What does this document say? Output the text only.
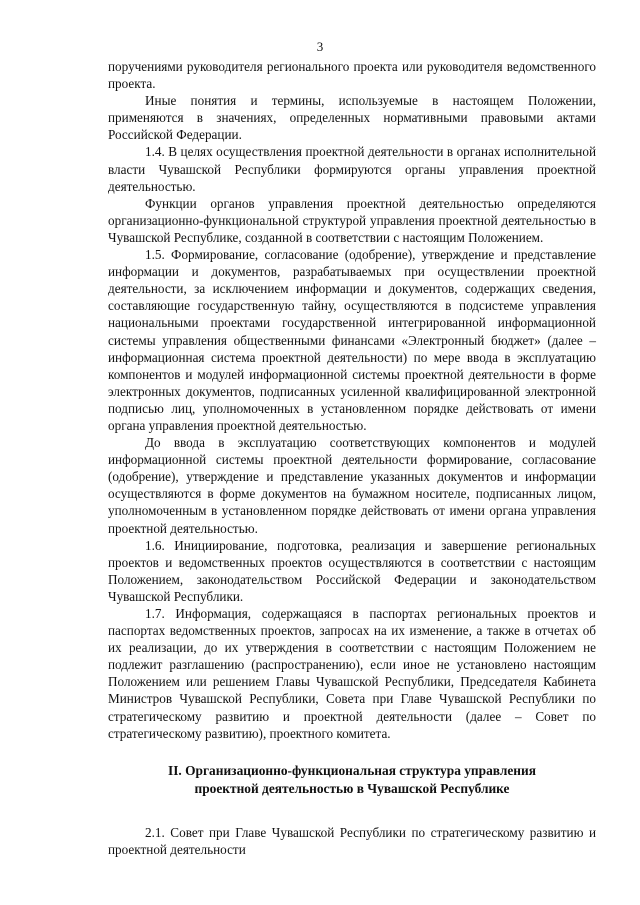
3

поручениями руководителя регионального проекта или руководителя ведомственного проекта.

Иные понятия и термины, используемые в настоящем Положении, применяются в значениях, определенных нормативными правовыми актами Российской Федерации.

1.4. В целях осуществления проектной деятельности в органах исполнительной власти Чувашской Республики формируются органы управления проектной деятельностью.

Функции органов управления проектной деятельностью определяются организационно-функциональной структурой управления проектной деятельностью в Чувашской Республике, созданной в соответствии с настоящим Положением.

1.5. Формирование, согласование (одобрение), утверждение и представление информации и документов, разрабатываемых при осуществлении проектной деятельности, за исключением информации и документов, содержащих сведения, составляющие государственную тайну, осуществляются в подсистеме управления национальными проектами государственной интегрированной информационной системы управления общественными финансами «Электронный бюджет» (далее – информационная система проектной деятельности) по мере ввода в эксплуатацию компонентов и модулей информационной системы проектной деятельности в форме электронных документов, подписанных усиленной квалифицированной электронной подписью лиц, уполномоченных в установленном порядке действовать от имени органа управления проектной деятельностью.

До ввода в эксплуатацию соответствующих компонентов и модулей информационной системы проектной деятельности формирование, согласование (одобрение), утверждение и представление указанных документов и информации осуществляются в форме документов на бумажном носителе, подписанных лицом, уполномоченным в установленном порядке действовать от имени органа управления проектной деятельностью.

1.6. Инициирование, подготовка, реализация и завершение региональных проектов и ведомственных проектов осуществляются в соответствии с настоящим Положением, законодательством Российской Федерации и законодательством Чувашской Республики.

1.7. Информация, содержащаяся в паспортах региональных проектов и паспортах ведомственных проектов, запросах на их изменение, а также в отчетах об их реализации, до их утверждения в соответствии с настоящим Положением не подлежит разглашению (распространению), если иное не установлено настоящим Положением или решением Главы Чувашской Республики, Председателя Кабинета Министров Чувашской Республики, Совета при Главе Чувашской Республики по стратегическому развитию и проектной деятельности (далее – Совет по стратегическому развитию), проектного комитета.

II. Организационно-функциональная структура управления
проектной деятельностью в Чувашской Республике

2.1. Совет при Главе Чувашской Республики по стратегическому развитию и проектной деятельности
